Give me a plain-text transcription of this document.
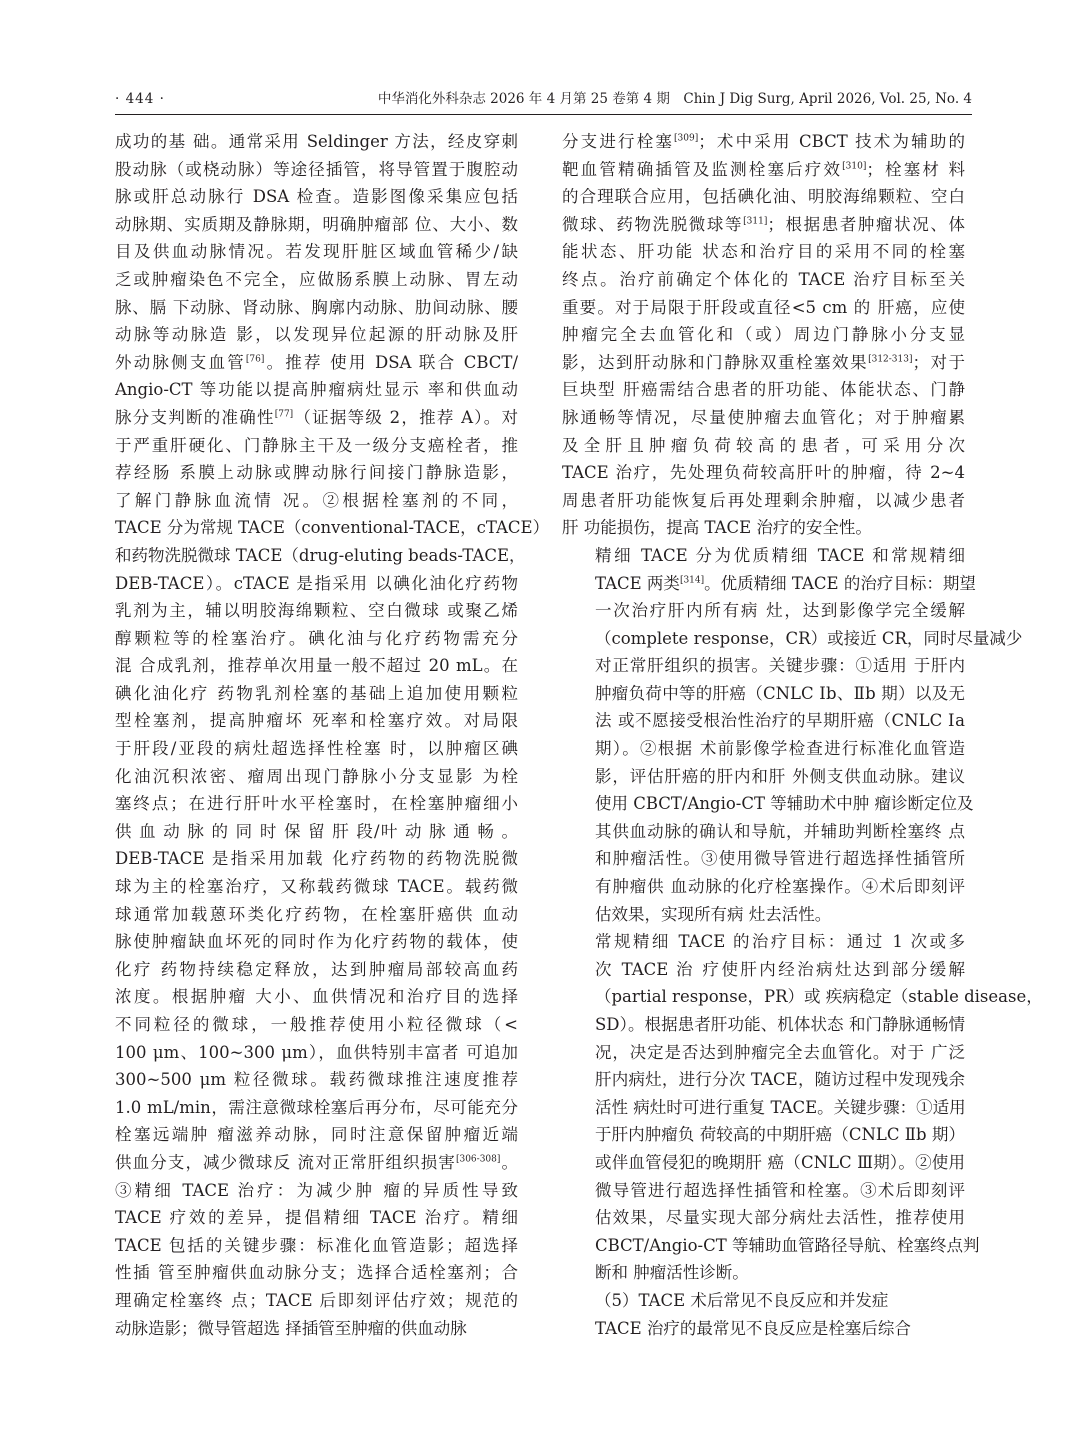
· 444 ·	中华消化外科杂志 2026 年 4 月第 25 卷第 4 期　Chin J Dig Surg, April 2026, Vol. 25, No. 4

成功的基 础。通常采用 Seldinger 方法，经皮穿刺
股动脉（或桡动脉）等途径插管，将导管置于腹腔动
脉或肝总动脉行 DSA 检查。造影图像采集应包括
动脉期、实质期及静脉期，明确肿瘤部 位、大小、数
目及供血动脉情况。若发现肝脏区域血管稀少/缺
乏或肿瘤染色不完全，应做肠系膜上动脉、胃左动
脉、膈 下动脉、肾动脉、胸廓内动脉、肋间动脉、腰
动脉等动脉造 影，以发现异位起源的肝动脉及肝
外动脉侧支血管[76]。推荐 使用 DSA 联合 CBCT/
Angio-CT 等功能以提高肿瘤病灶显示 率和供血动
脉分支判断的准确性[77]（证据等级 2，推荐 A）。对
于严重肝硬化、门静脉主干及一级分支癌栓者，推
荐经肠 系膜上动脉或脾动脉行间接门静脉造影，
了解门静脉血流情 况。②根据栓塞剂的不同，
TACE 分为常规 TACE（conventional-TACE，cTACE）
和药物洗脱微球 TACE（drug-eluting beads-TACE，
DEB-TACE）。cTACE 是指采用 以碘化油化疗药物
乳剂为主，辅以明胶海绵颗粒、空白微球 或聚乙烯
醇颗粒等的栓塞治疗。碘化油与化疗药物需充分
混 合成乳剂，推荐单次用量一般不超过 20 mL。在
碘化油化疗 药物乳剂栓塞的基础上追加使用颗粒
型栓塞剂，提高肿瘤坏 死率和栓塞疗效。对局限
于肝段/亚段的病灶超选择性栓塞 时，以肿瘤区碘
化油沉积浓密、瘤周出现门静脉小分支显影 为栓
塞终点；在进行肝叶水平栓塞时，在栓塞肿瘤细小
供 血 动 脉 的 同 时 保 留 肝 段/叶 动 脉 通 畅 。
DEB-TACE 是指采用加载 化疗药物的药物洗脱微
球为主的栓塞治疗，又称载药微球 TACE。载药微
球通常加载蒽环类化疗药物，在栓塞肝癌供 血动
脉使肿瘤缺血坏死的同时作为化疗药物的载体，使
化疗 药物持续稳定释放，达到肿瘤局部较高血药
浓度。根据肿瘤 大小、血供情况和治疗目的选择
不同粒径的微球，一般推荐使用小粒径微球（<
100 μm、100~300 μm），血供特别丰富者 可追加
300~500 μm 粒径微球。载药微球推注速度推荐
1.0 mL/min，需注意微球栓塞后再分布，尽可能充分
栓塞远端肿 瘤滋养动脉，同时注意保留肿瘤近端
供血分支，减少微球反 流对正常肝组织损害[306-308]。
③精细 TACE 治疗：为减少肿 瘤的异质性导致
TACE 疗效的差异，提倡精细 TACE 治疗。精细
TACE 包括的关键步骤：标准化血管造影；超选择
性插 管至肿瘤供血动脉分支；选择合适栓塞剂；合
理确定栓塞终 点；TACE 后即刻评估疗效；规范的
动脉造影；微导管超选 择插管至肿瘤的供血动脉

分支进行栓塞[309]；术中采用 CBCT 技术为辅助的
靶血管精确插管及监测栓塞后疗效[310]；栓塞材 料
的合理联合应用，包括碘化油、明胶海绵颗粒、空白
微球、药物洗脱微球等[311]；根据患者肿瘤状况、体
能状态、肝功能 状态和治疗目的采用不同的栓塞
终点。治疗前确定个体化的 TACE 治疗目标至关
重要。对于局限于肝段或直径<5 cm 的 肝癌，应使
肿瘤完全去血管化和（或）周边门静脉小分支显
影，达到肝动脉和门静脉双重栓塞效果[312-313]；对于
巨块型 肝癌需结合患者的肝功能、体能状态、门静
脉通畅等情况，尽量使肿瘤去血管化；对于肿瘤累
及 全 肝 且 肿 瘤 负 荷 较 高 的 患 者 ，可 采 用 分 次
TACE 治疗，先处理负荷较高肝叶的肿瘤，待 2~4
周患者肝功能恢复后再处理剩余肿瘤，以减少患者
肝 功能损伤，提高 TACE 治疗的安全性。

精细 TACE 分为优质精细 TACE 和常规精细
TACE 两类[314]。优质精细 TACE 的治疗目标：期望
一次治疗肝内所有病 灶，达到影像学完全缓解
（complete response，CR）或接近 CR，同时尽量减少
对正常肝组织的损害。关键步骤：①适用 于肝内
肿瘤负荷中等的肝癌（CNLC Ⅰb、Ⅱb 期）以及无
法 或不愿接受根治性治疗的早期肝癌（CNLC Ⅰa
期）。②根据 术前影像学检查进行标准化血管造
影，评估肝癌的肝内和肝 外侧支供血动脉。建议
使用 CBCT/Angio-CT 等辅助术中肿 瘤诊断定位及
其供血动脉的确认和导航，并辅助判断栓塞终 点
和肿瘤活性。③使用微导管进行超选择性插管所
有肿瘤供 血动脉的化疗栓塞操作。④术后即刻评
估效果，实现所有病 灶去活性。

常规精细 TACE 的治疗目标：通过 1 次或多
次 TACE 治 疗使肝内经治病灶达到部分缓解
（partial response，PR）或 疾病稳定（stable disease，
SD）。根据患者肝功能、机体状态 和门静脉通畅情
况，决定是否达到肿瘤完全去血管化。对于 广泛
肝内病灶，进行分次 TACE，随访过程中发现残余
活性 病灶时可进行重复 TACE。关键步骤：①适用
于肝内肿瘤负 荷较高的中期肝癌（CNLC Ⅱb 期）
或伴血管侵犯的晚期肝 癌（CNLC Ⅲ期）。②使用
微导管进行超选择性插管和栓塞。③术后即刻评
估效果，尽量实现大部分病灶去活性，推荐使用
CBCT/Angio-CT 等辅助血管路径导航、栓塞终点判
断和 肿瘤活性诊断。

（5）TACE 术后常见不良反应和并发症

TACE 治疗的最常见不良反应是栓塞后综合
